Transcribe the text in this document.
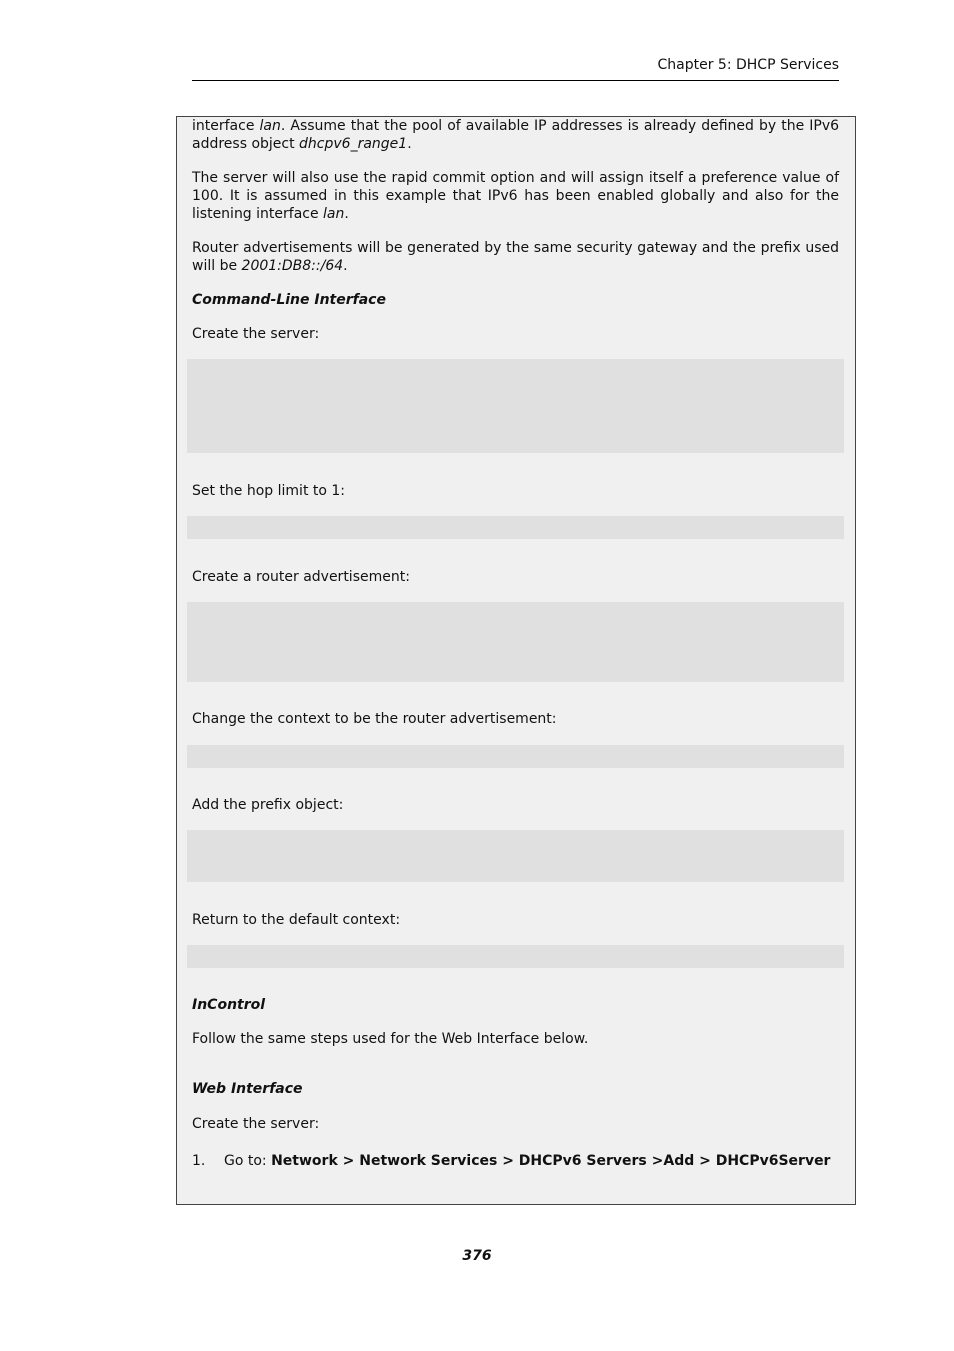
Chapter 5: DHCP Services

interface lan. Assume that the pool of available IP addresses is already defined by the IPv6 address object dhcpv6_range1.

The server will also use the rapid commit option and will assign itself a preference value of 100. It is assumed in this example that IPv6 has been enabled globally and also for the listening interface lan.

Router advertisements will be generated by the same security gateway and the prefix used will be 2001:DB8::/64.

Command-Line Interface

Create the server:

Set the hop limit to 1:

Create a router advertisement:

Change the context to be the router advertisement:

Add the prefix object:

Return to the default context:

InControl

Follow the same steps used for the Web Interface below.

Web Interface

Create the server:

1. Go to: Network > Network Services > DHCPv6 Servers >Add > DHCPv6Server
376
